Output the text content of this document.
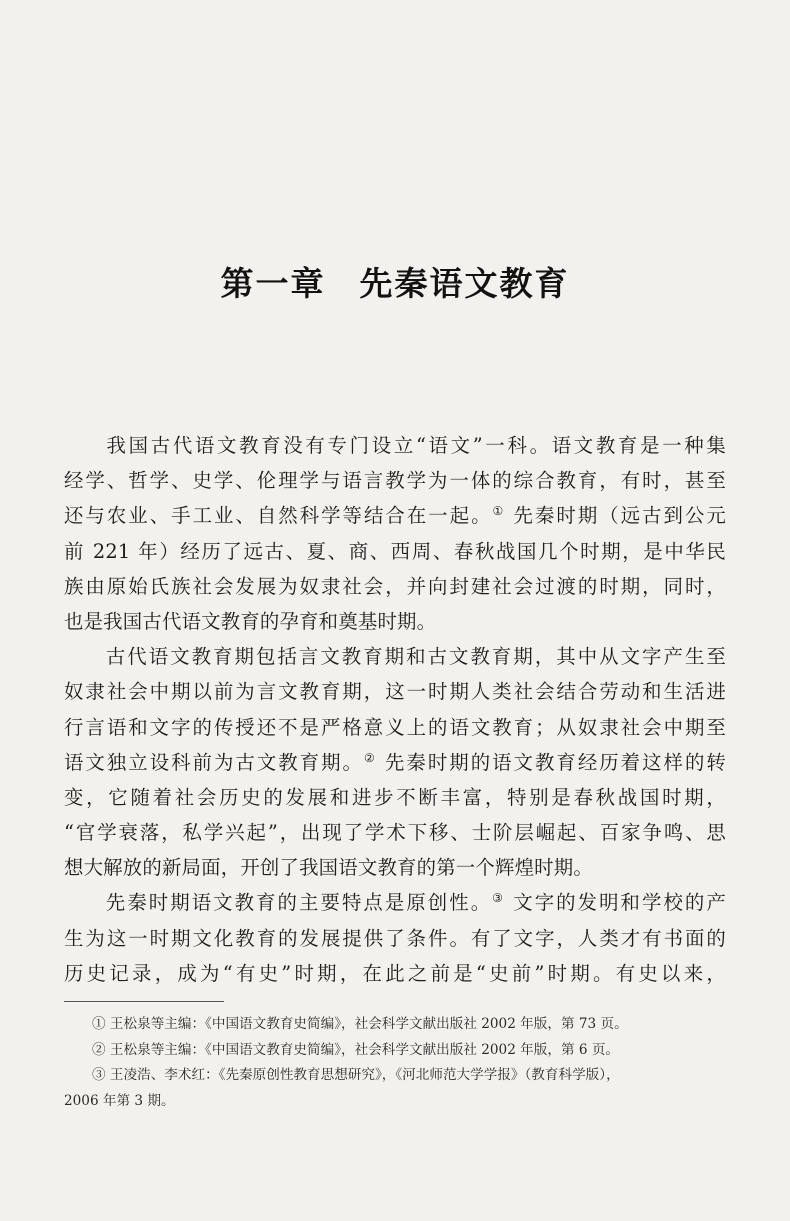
第一章 先秦语文教育
我国古代语文教育没有专门设立“语文”一科。语文教育是一种集
经学、哲学、史学、伦理学与语言教学为一体的综合教育，有时，甚至
还与农业、手工业、自然科学等结合在一起。① 先秦时期（远古到公元
前 221 年）经历了远古、夏、商、西周、春秋战国几个时期，是中华民
族由原始氏族社会发展为奴隶社会，并向封建社会过渡的时期，同时，
也是我国古代语文教育的孕育和奠基时期。
古代语文教育期包括言文教育期和古文教育期，其中从文字产生至
奴隶社会中期以前为言文教育期，这一时期人类社会结合劳动和生活进
行言语和文字的传授还不是严格意义上的语文教育；从奴隶社会中期至
语文独立设科前为古文教育期。② 先秦时期的语文教育经历着这样的转
变，它随着社会历史的发展和进步不断丰富，特别是春秋战国时期，
“官学衰落，私学兴起”，出现了学术下移、士阶层崛起、百家争鸣、思
想大解放的新局面，开创了我国语文教育的第一个辉煌时期。
先秦时期语文教育的主要特点是原创性。③ 文字的发明和学校的产
生为这一时期文化教育的发展提供了条件。有了文字，人类才有书面的
历史记录，成为“有史”时期，在此之前是“史前”时期。有史以来，
① 王松泉等主编：《中国语文教育史简编》，社会科学文献出版社 2002 年版，第 73 页。
② 王松泉等主编：《中国语文教育史简编》，社会科学文献出版社 2002 年版，第 6 页。
③ 王凌浩、李术红：《先秦原创性教育思想研究》，《河北师范大学学报》（教育科学版），
2006 年第 3 期。
